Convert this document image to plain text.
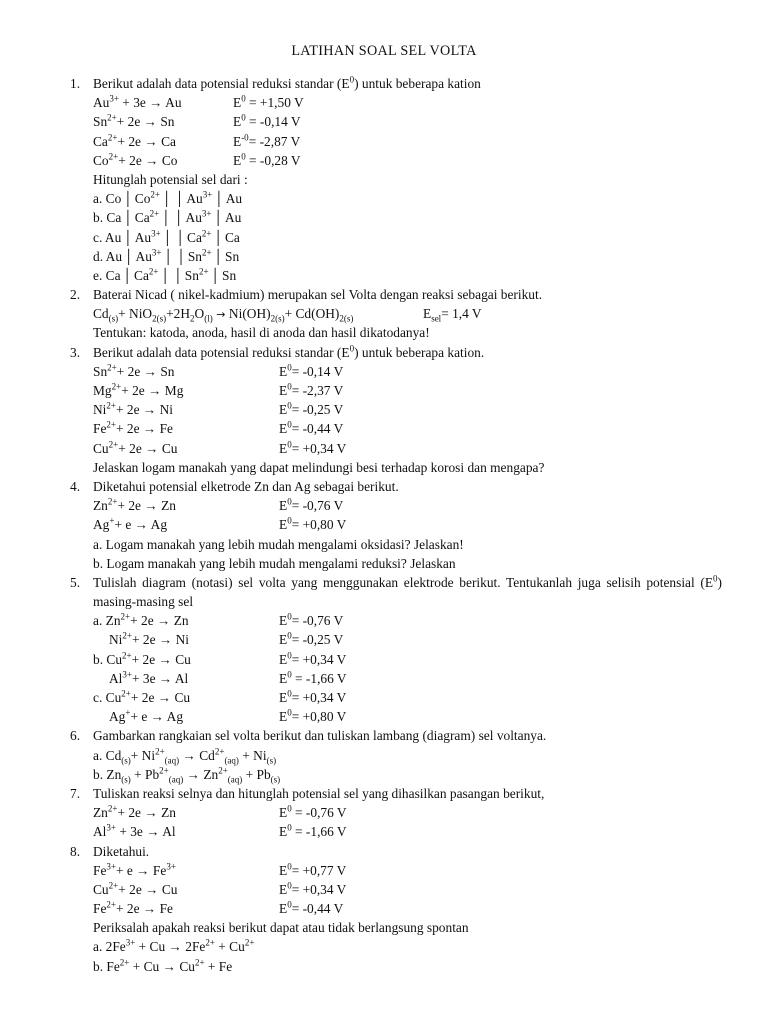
LATIHAN SOAL SEL VOLTA
1. Berikut adalah data potensial reduksi standar $(E^0)$ untuk beberapa kation
$Au^{3+} + 3e \to Au$	$E^0 = +1,50$ V
$Sn^{2+}+ 2e \to Sn$	$E^0 = -0,14$ V
$Ca^{2+}+ 2e \to Ca$	$E^{-0}= -2,87$ V
$Co^{2+}+ 2e \to Co$	$E^0 = -0,28$ V
Hitunglah potensial sel dari :
a. Co │ $Co^{2+}$ │ │ $Au^{3+}$ │ Au
b. Ca │ $Ca^{2+}$ │ │ $Au^{3+}$ │ Au
c. Au │ $Au^{3+}$ │ │ $Ca^{2+}$ │ Ca
d. Au │ $Au^{3+}$ │ │ $Sn^{2+}$ │ Sn
e. Ca │ $Ca^{2+}$ │ │ $Sn^{2+}$ │ Sn
2. Baterai Nicad ( nikel-kadmium) merupakan sel Volta dengan reaksi sebagai berikut.
$Cd_{(s)}+ NiO_{2(s)}+2H_2O_{(l)} \to Ni(OH)_{2(s)}+ Cd(OH)_{2(s)}$	$E_{sel}= 1,4$ V
Tentukan: katoda, anoda, hasil di anoda dan hasil dikatodanya!
3. Berikut adalah data potensial reduksi standar $(E^0)$ untuk beberapa kation.
$Sn^{2+}+ 2e \to Sn$	$E^0= -0,14$ V
$Mg^{2+}+ 2e \to Mg$	$E^0= -2,37$ V
$Ni^{2+}+ 2e \to Ni$	$E^0= -0,25$ V
$Fe^{2+}+ 2e \to Fe$	$E^0= -0,44$ V
$Cu^{2+}+ 2e \to Cu$	$E^0= +0,34$ V
Jelaskan logam manakah yang dapat melindungi besi terhadap korosi dan mengapa?
4. Diketahui potensial elketrode Zn dan Ag sebagai berikut.
$Zn^{2+}+ 2e \to Zn$	$E^0= -0,76$ V
Ag++ e → Ag	$E^0= +0,80$ V
a. Logam manakah yang lebih mudah mengalami oksidasi? Jelaskan!
b. Logam manakah yang lebih mudah mengalami reduksi? Jelaskan
5. Tulislah diagram (notasi) sel volta yang menggunakan elektrode berikut. Tentukanlah juga selisih potensial $(E^0)$ masing-masing sel
a. $Zn^{2+}+ 2e \to Zn$	$E^0= -0,76$ V
$Ni^{2+}+ 2e \to Ni$	$E^0= -0,25$ V
b. $Cu^{2+}+ 2e \to Cu$	$E^0= +0,34$ V
$Al^{3+}+ 3e \to Al$	$E^0 = -1,66$ V
c. $Cu^{2+}+ 2e \to Cu$	$E^0= +0,34$ V
Ag++ e → Ag	$E^0= +0,80$ V
6. Gambarkan rangkaian sel volta berikut dan tuliskan lambang (diagram) sel voltanya.
a. $Cd_{(s)}+ Ni^{2+}_{(aq)} \to Cd^{2+}_{(aq)} + Ni_{(s)}$
b. $Zn_{(s)} + Pb^{2+}_{(aq)} \to Zn^{2+}_{(aq)} + Pb_{(s)}$
7. Tuliskan reaksi selnya dan hitunglah potensial sel yang dihasilkan pasangan berikut,
$Zn^{2+}+ 2e \to Zn$	$E^0 = -0,76$ V
$Al^{3+} + 3e \to Al$	$E^0 = -1,66$ V
8. Diketahui.
$Fe^{3+}+ e \to Fe^{3+}$	$E^0= +0,77$ V
$Cu^{2+}+ 2e \to Cu$	$E^0= +0,34$ V
$Fe^{2+}+ 2e \to Fe$	$E^0= -0,44$ V
Periksalah apakah reaksi berikut dapat atau tidak berlangsung spontan
a. $2Fe^{3+} + Cu \to 2Fe^{2+} + Cu^{2+}$
b. $Fe^{2+} + Cu \to Cu^{2+} + Fe$
